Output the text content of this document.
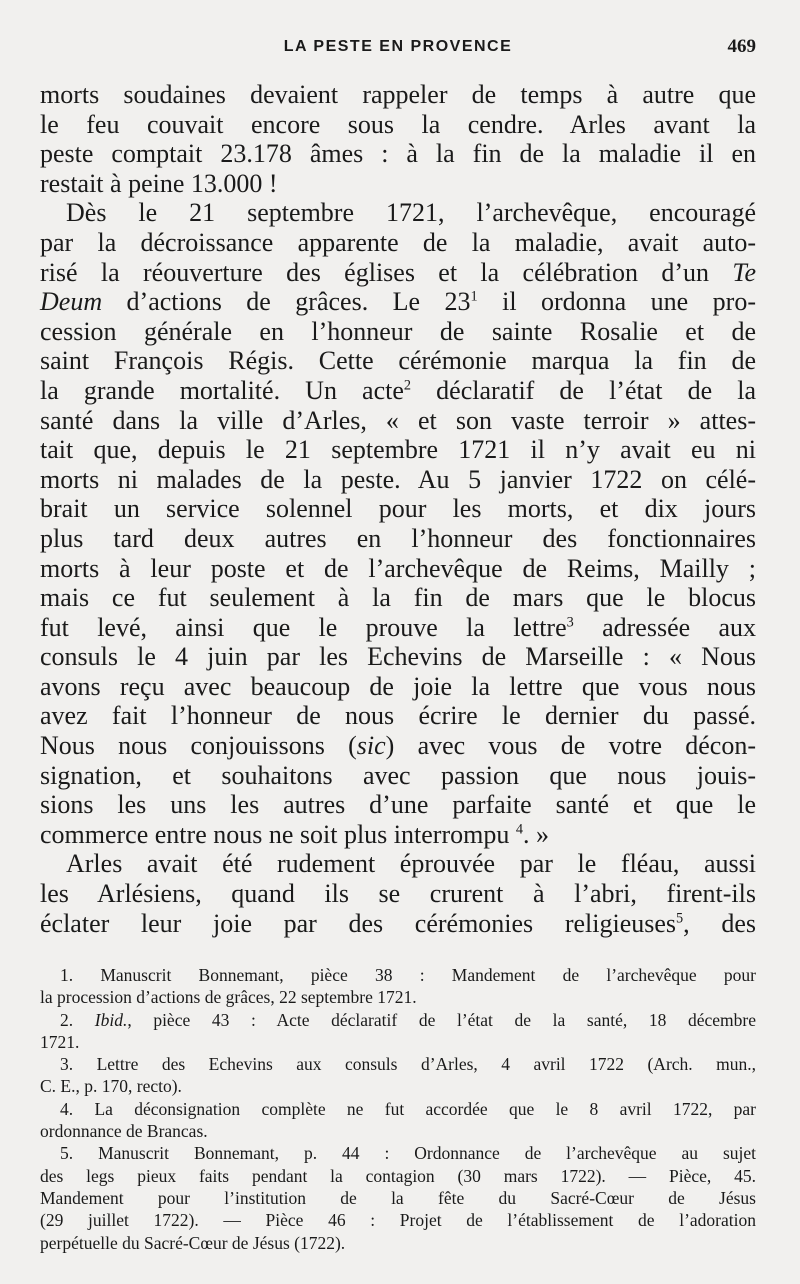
LA PESTE EN PROVENCE	469
morts soudaines devaient rappeler de temps à autre que
le feu couvait encore sous la cendre. Arles avant la
peste comptait 23.178 âmes : à la fin de la maladie il en
restait à peine 13.000 !
Dès le 21 septembre 1721, l’archevêque, encouragé
par la décroissance apparente de la maladie, avait auto-
risé la réouverture des églises et la célébration d’un Te
Deum d’actions de grâces. Le $23^1$ il ordonna une pro-
cession générale en l’honneur de sainte Rosalie et de
saint François Régis. Cette cérémonie marqua la fin de
la grande mortalité. Un acte$^2$ déclaratif de l’état de la
santé dans la ville d’Arles, « et son vaste terroir » attes-
tait que, depuis le 21 septembre 1721 il n’y avait eu ni
morts ni malades de la peste. Au 5 janvier 1722 on célé-
brait un service solennel pour les morts, et dix jours
plus tard deux autres en l’honneur des fonctionnaires
morts à leur poste et de l’archevêque de Reims, Mailly ;
mais ce fut seulement à la fin de mars que le blocus
fut levé, ainsi que le prouve la lettre$^3$ adressée aux
consuls le 4 juin par les Echevins de Marseille : « Nous
avons reçu avec beaucoup de joie la lettre que vous nous
avez fait l’honneur de nous écrire le dernier du passé.
Nous nous conjouissons (sic) avec vous de votre décon-
signation, et souhaitons avec passion que nous jouis-
sions les uns les autres d’une parfaite santé et que le
commerce entre nous ne soit plus interrompu $^4$. »
Arles avait été rudement éprouvée par le fléau, aussi
les Arlésiens, quand ils se crurent à l’abri, firent-ils
éclater leur joie par des cérémonies religieuses$^5$, des
1. Manuscrit Bonnemant, pièce 38 : Mandement de l’archevêque pour
la procession d’actions de grâces, 22 septembre 1721.
2. Ibid., pièce 43 : Acte déclaratif de l’état de la santé, 18 décembre
1721.
3. Lettre des Echevins aux consuls d’Arles, 4 avril 1722 (Arch. mun.,
C. E., p. 170, recto).
4. La déconsignation complète ne fut accordée que le 8 avril 1722, par
ordonnance de Brancas.
5. Manuscrit Bonnemant, p. 44 : Ordonnance de l’archevêque au sujet
des legs pieux faits pendant la contagion (30 mars 1722). — Pièce, 45.
Mandement pour l’institution de la fête du Sacré-Cœur de Jésus
(29 juillet 1722). — Pièce 46 : Projet de l’établissement de l’adoration
perpétuelle du Sacré-Cœur de Jésus (1722).
